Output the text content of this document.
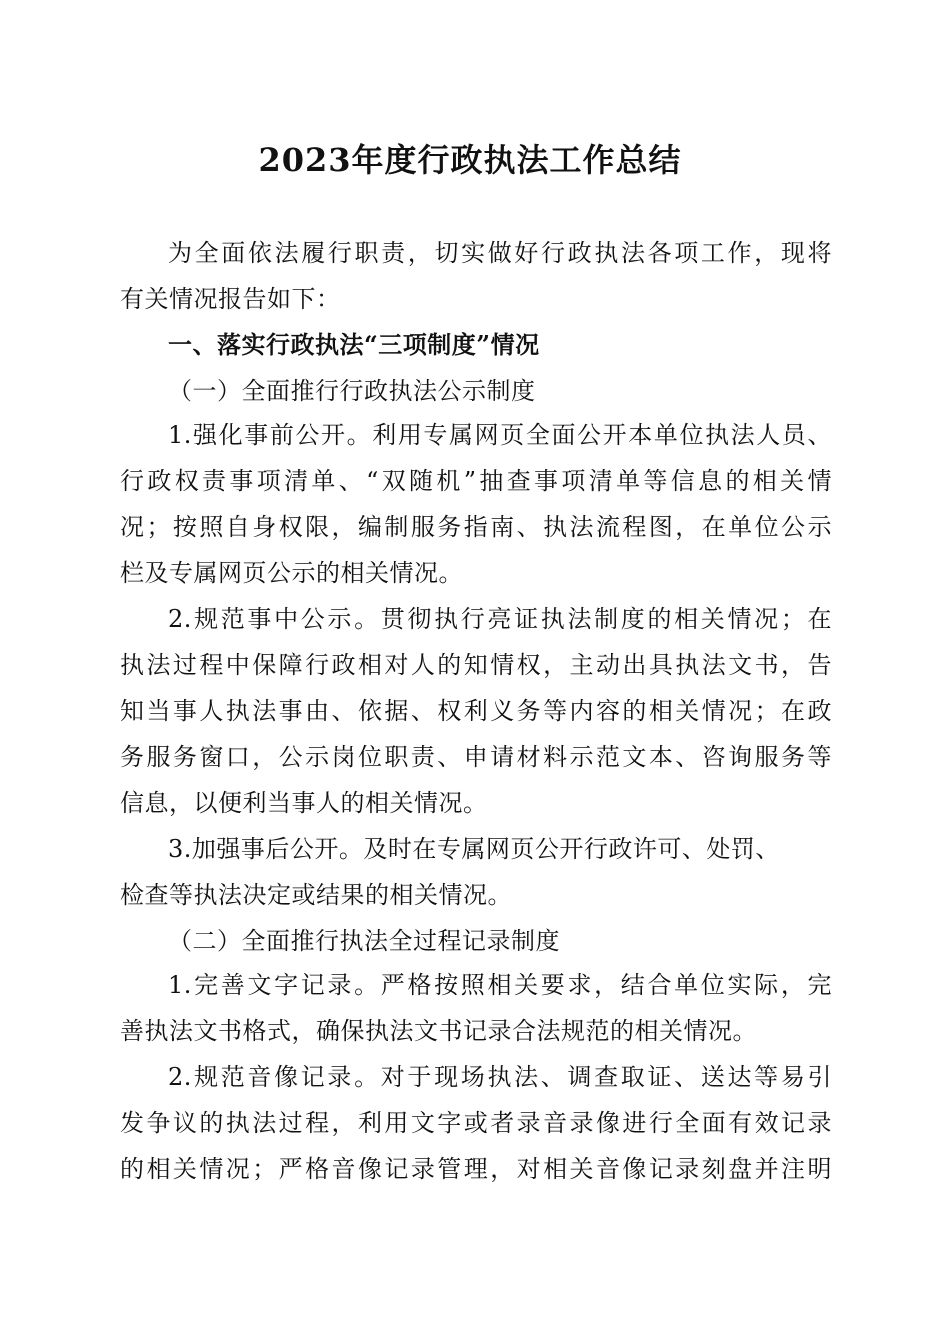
2023年度行政执法工作总结
为全面依法履行职责，切实做好行政执法各项工作，现将
有关情况报告如下：
一、落实行政执法“三项制度”情况
（一）全面推行行政执法公示制度
1.强化事前公开。利用专属网页全面公开本单位执法人员、
行政权责事项清单、“双随机”抽查事项清单等信息的相关情
况；按照自身权限，编制服务指南、执法流程图，在单位公示
栏及专属网页公示的相关情况。
2.规范事中公示。贯彻执行亮证执法制度的相关情况；在
执法过程中保障行政相对人的知情权，主动出具执法文书，告
知当事人执法事由、依据、权利义务等内容的相关情况；在政
务服务窗口，公示岗位职责、申请材料示范文本、咨询服务等
信息，以便利当事人的相关情况。
3.加强事后公开。及时在专属网页公开行政许可、处罚、
检查等执法决定或结果的相关情况。
（二）全面推行执法全过程记录制度
1.完善文字记录。严格按照相关要求，结合单位实际，完
善执法文书格式，确保执法文书记录合法规范的相关情况。
2.规范音像记录。对于现场执法、调查取证、送达等易引
发争议的执法过程，利用文字或者录音录像进行全面有效记录
的相关情况；严格音像记录管理，对相关音像记录刻盘并注明
